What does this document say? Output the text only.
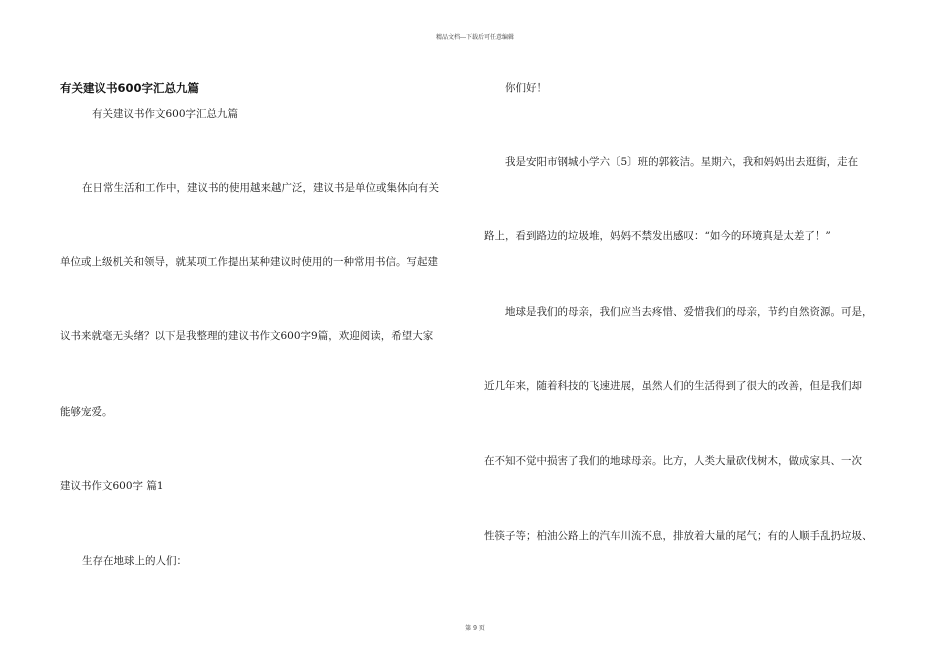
精品文档---下载后可任意编辑
有关建议书600字汇总九篇
有关建议书作文600字汇总九篇
在日常生活和工作中，建议书的使用越来越广泛，建议书是单位或集体向有关
单位或上级机关和领导，就某项工作提出某种建议时使用的一种常用书信。写起建
议书来就毫无头绪？以下是我整理的建议书作文600字9篇，欢迎阅读，希望大家
能够宠爱。
建议书作文600字 篇1
生存在地球上的人们：
你们好！
我是安阳市钢城小学六〔5〕班的郭筱洁。星期六，我和妈妈出去逛街，走在
路上，看到路边的垃圾堆，妈妈不禁发出感叹：“如今的环境真是太差了！”
地球是我们的母亲，我们应当去疼惜、爱惜我们的母亲，节约自然资源。可是，
近几年来，随着科技的飞速进展，虽然人们的生活得到了很大的改善，但是我们却
在不知不觉中损害了我们的地球母亲。比方，人类大量砍伐树木，做成家具、一次
性筷子等；柏油公路上的汽车川流不息，排放着大量的尾气；有的人顺手乱扔垃圾、
第 9 页
